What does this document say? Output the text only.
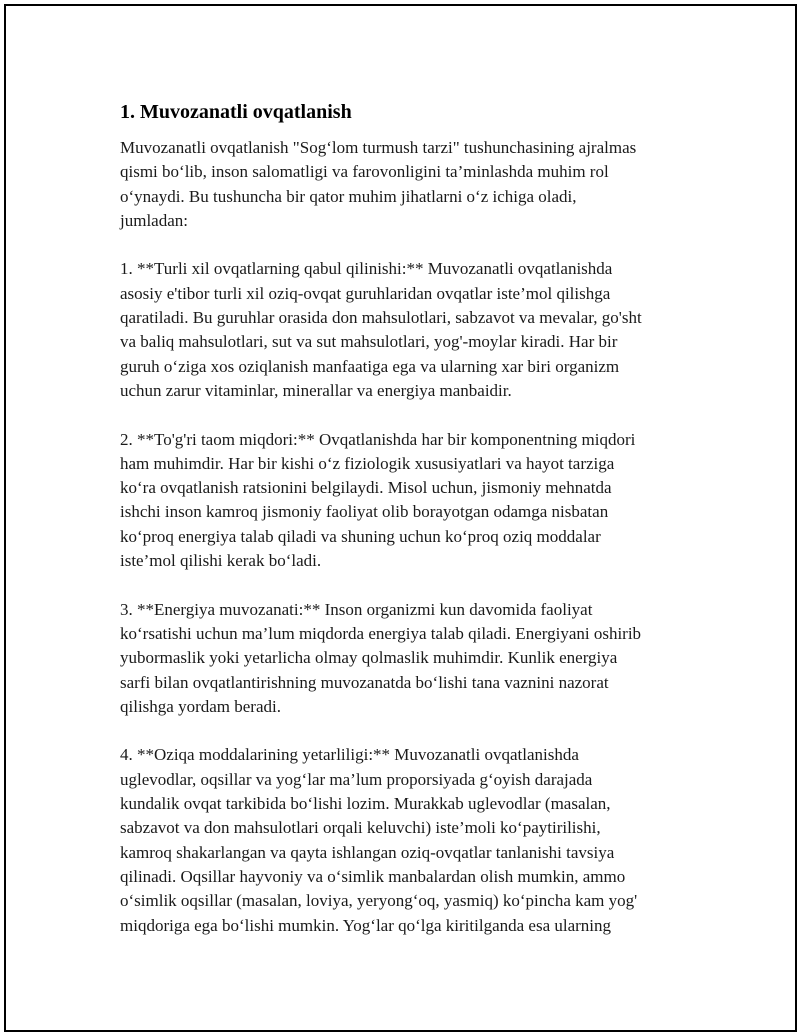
1. Muvozanatli ovqatlanish
Muvozanatli ovqatlanish "Sog‘lom turmush tarzi" tushunchasining ajralmas
qismi bo‘lib, inson salomatligi va farovonligini ta’minlashda muhim rol
o‘ynaydi. Bu tushuncha bir qator muhim jihatlarni o‘z ichiga oladi,
jumladan:
1. **Turli xil ovqatlarning qabul qilinishi:** Muvozanatli ovqatlanishda
asosiy e'tibor turli xil oziq-ovqat guruhlaridan ovqatlar iste’mol qilishga
qaratiladi. Bu guruhlar orasida don mahsulotlari, sabzavot va mevalar, go'sht
va baliq mahsulotlari, sut va sut mahsulotlari, yog'-moylar kiradi. Har bir
guruh o‘ziga xos oziqlanish manfaatiga ega va ularning xar biri organizm
uchun zarur vitaminlar, minerallar va energiya manbaidir.
2. **To'g'ri taom miqdori:** Ovqatlanishda har bir komponentning miqdori
ham muhimdir. Har bir kishi o‘z fiziologik xususiyatlari va hayot tarziga
ko‘ra ovqatlanish ratsionini belgilaydi. Misol uchun, jismoniy mehnatda
ishchi inson kamroq jismoniy faoliyat olib borayotgan odamga nisbatan
ko‘proq energiya talab qiladi va shuning uchun ko‘proq oziq moddalar
iste’mol qilishi kerak bo‘ladi.
3. **Energiya muvozanati:** Inson organizmi kun davomida faoliyat
ko‘rsatishi uchun ma’lum miqdorda energiya talab qiladi. Energiyani oshirib
yubormaslik yoki yetarlicha olmay qolmaslik muhimdir. Kunlik energiya
sarfi bilan ovqatlantirishning muvozanatda bo‘lishi tana vaznini nazorat
qilishga yordam beradi.
4. **Oziqa moddalarining yetarliligi:** Muvozanatli ovqatlanishda
uglevodlar, oqsillar va yog‘lar ma’lum proporsiyada g‘oyish darajada
kundalik ovqat tarkibida bo‘lishi lozim. Murakkab uglevodlar (masalan,
sabzavot va don mahsulotlari orqali keluvchi) iste’moli ko‘paytirilishi,
kamroq shakarlangan va qayta ishlangan oziq-ovqatlar tanlanishi tavsiya
qilinadi. Oqsillar hayvoniy va o‘simlik manbalardan olish mumkin, ammo
o‘simlik oqsillar (masalan, loviya, yeryong‘oq, yasmiq) ko‘pincha kam yog'
miqdoriga ega bo‘lishi mumkin. Yog‘lar qo‘lga kiritilganda esa ularning
